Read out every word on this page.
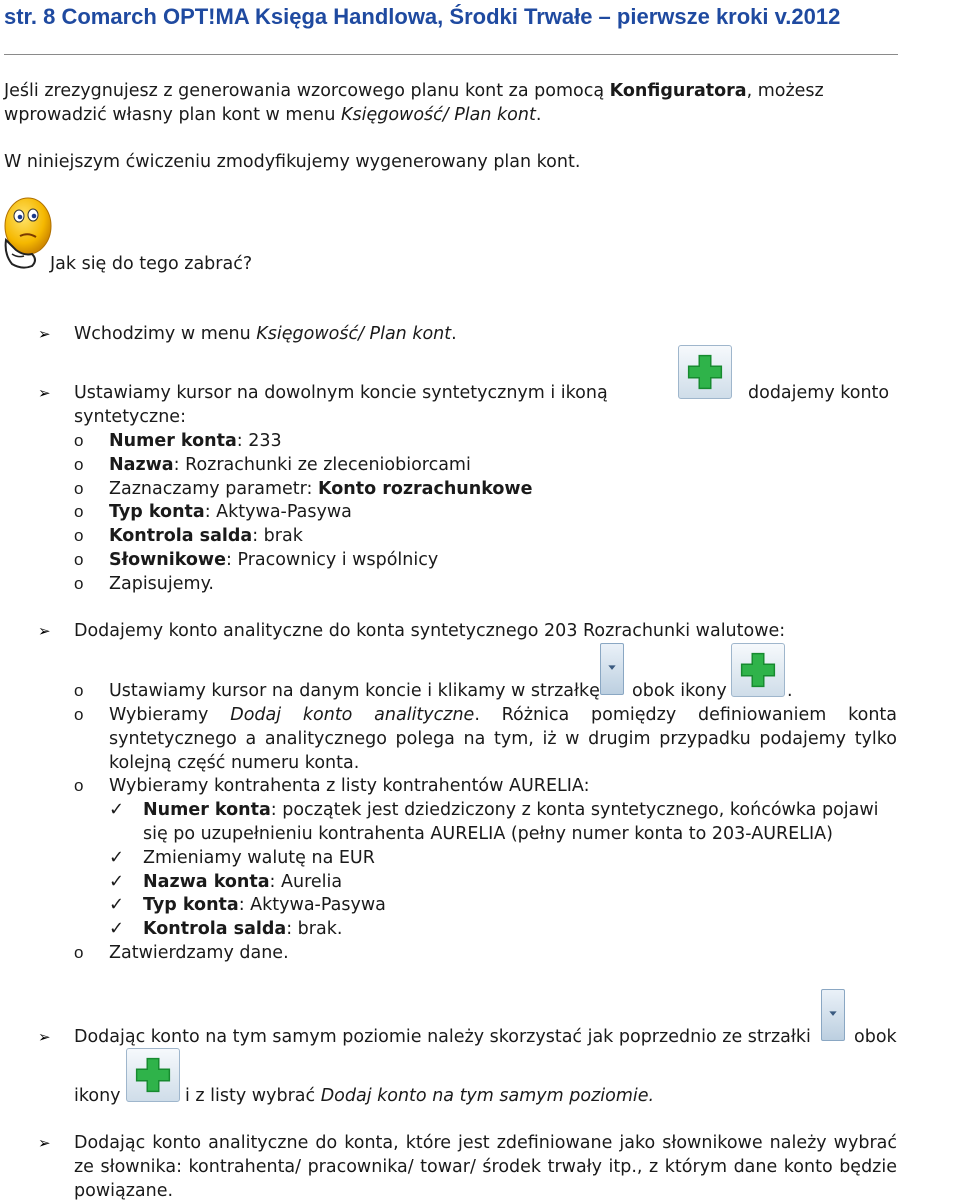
str. 8 Comarch OPT!MA Księga Handlowa, Środki Trwałe – pierwsze kroki v.2012
Jeśli zrezygnujesz z generowania wzorcowego planu kont za pomocą Konfiguratora, możesz
wprowadzić własny plan kont w menu Księgowość/ Plan kont.
W niniejszym ćwiczeniu zmodyfikujemy wygenerowany plan kont.
Jak się do tego zabrać?
➢ Wchodzimy w menu Księgowość/ Plan kont.
➢ Ustawiamy kursor na dowolnym koncie syntetycznym i ikoną	dodajemy konto
syntetyczne:
o Numer konta: 233
o Nazwa: Rozrachunki ze zleceniobiorcami
o Zaznaczamy parametr: Konto rozrachunkowe
o Typ konta: Aktywa-Pasywa
o Kontrola salda: brak
o Słownikowe: Pracownicy i wspólnicy
o Zapisujemy.
➢ Dodajemy konto analityczne do konta syntetycznego 203 Rozrachunki walutowe:
o Ustawiamy kursor na danym koncie i klikamy w strzałkę obok ikony	.
o Wybieramy Dodaj konto analityczne. Różnica pomiędzy definiowaniem konta
syntetycznego a analitycznego polega na tym, iż w drugim przypadku podajemy tylko
kolejną część numeru konta.
o Wybieramy kontrahenta z listy kontrahentów AURELIA:
✓ Numer konta: początek jest dziedziczony z konta syntetycznego, końcówka pojawi
się po uzupełnieniu kontrahenta AURELIA (pełny numer konta to 203-AURELIA)
✓ Zmieniamy walutę na EUR
✓ Nazwa konta: Aurelia
✓ Typ konta: Aktywa-Pasywa
✓ Kontrola salda: brak.
o Zatwierdzamy dane.
➢ Dodając konto na tym samym poziomie należy skorzystać jak poprzednio ze strzałki obok
ikony	i z listy wybrać Dodaj konto na tym samym poziomie.
➢ Dodając konto analityczne do konta, które jest zdefiniowane jako słownikowe należy wybrać
ze słownika: kontrahenta/ pracownika/ towar/ środek trwały itp., z którym dane konto będzie
powiązane.
